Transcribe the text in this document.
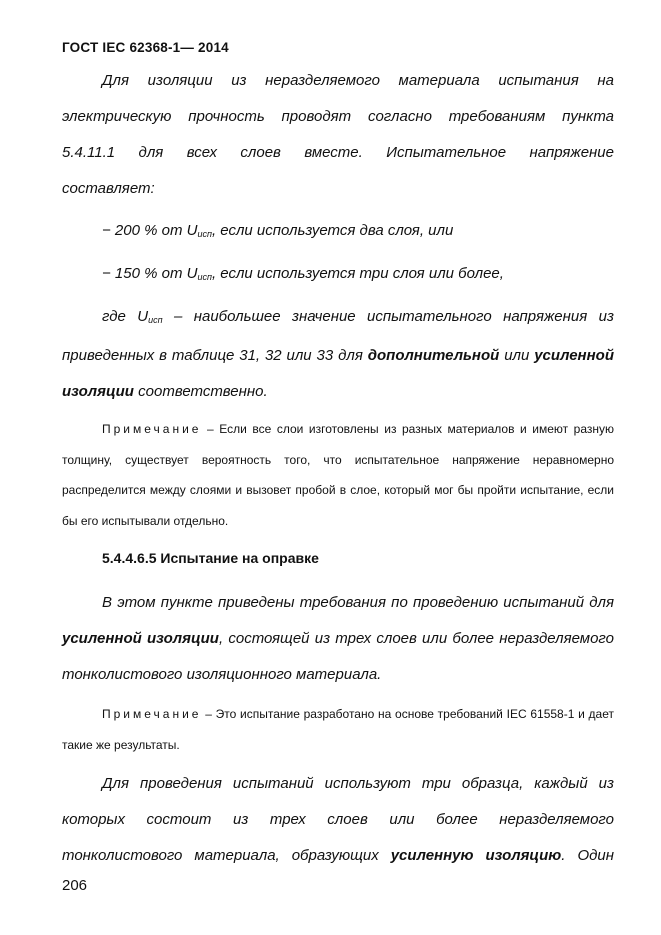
ГОСТ IEC 62368-1— 2014

Для изоляции из неразделяемого материала испытания на

электрическую прочность проводят согласно требованиям пункта

5.4.11.1 для всех слоев вместе. Испытательное напряжение

составляет:

− 200 % от $U_{исп}$, если используется два слоя, или
− 150 % от $U_{исп}$, если используется три слоя или более,

где $U_{исп}$ – наибольшее значение испытательного напряжения из приведенных в таблице 31, 32 или 33 для дополнительной или усиленной изоляции соответственно.

Примечание – Если все слои изготовлены из разных материалов и имеют разную толщину, существует вероятность того, что испытательное напряжение неравномерно распределится между слоями и вызовет пробой в слое, который мог бы пройти испытание, если бы его испытывали отдельно.

5.4.4.6.5 Испытание на оправке

В этом пункте приведены требования по проведению испытаний для усиленной изоляции, состоящей из трех слоев или более неразделяемого тонколистового изоляционного материала.

Примечание – Это испытание разработано на основе требований IEC 61558-1 и дает такие же результаты.

Для проведения испытаний используют три образца, каждый из которых состоит из трех слоев или более неразделяемого тонколистового материала, образующих усиленную изоляцию. Один

206
